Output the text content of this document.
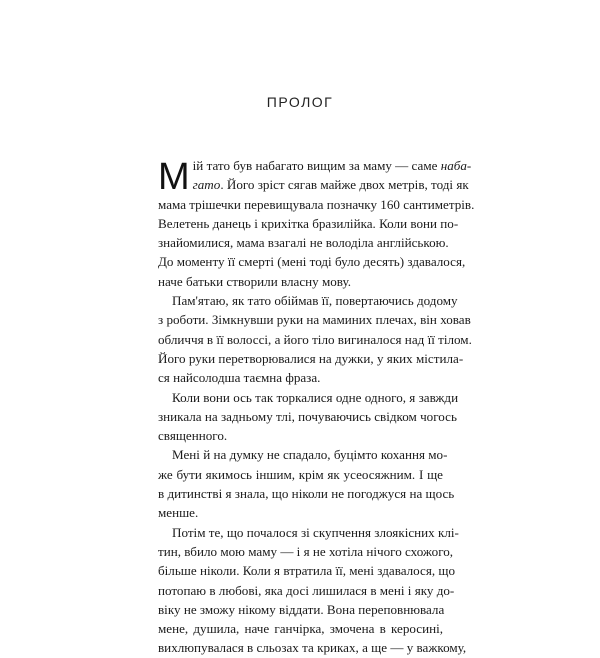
ПРОЛОГ
М ій тато був набагато вищим за маму — саме наба-
гато. Його зріст сягав майже двох метрів, тоді як
мама трішечки перевищувала позначку 160 сантиметрів.
Велетень данець і крихітка бразилійка. Коли вони по-
знайомилися, мама взагалі не володіла англійською.
До моменту її смерті (мені тоді було десять) здавалося,
наче батьки створили власну мову.
Пам'ятаю, як тато обіймав її, повертаючись додому
з роботи. Зімкнувши руки на маминих плечах, він ховав
обличчя в її волоссі, а його тіло вигиналося над її тілом.
Його руки перетворювалися на дужки, у яких містила-
ся найсолодша таємна фраза.
Коли вони ось так торкалися одне одного, я завжди
зникала на задньому тлі, почуваючись свідком чогось
священного.
Мені й на думку не спадало, буцімто кохання мо-
же бути якимось іншим, крім як усеосяжним. І ще
в дитинстві я знала, що ніколи не погоджуся на щось
менше.
Потім те, що почалося зі скупчення злоякісних клі-
тин, вбило мою маму — і я не хотіла нічого схожого,
більше ніколи. Коли я втратила її, мені здавалося, що
потопаю в любові, яка досі лишилася в мені і яку до-
віку не зможу нікому віддати. Вона переповнювала
мене, душила, наче ганчірка, змочена в керосині,
вихлюпувалася в сльозах та криках, а ще — у важкому,
